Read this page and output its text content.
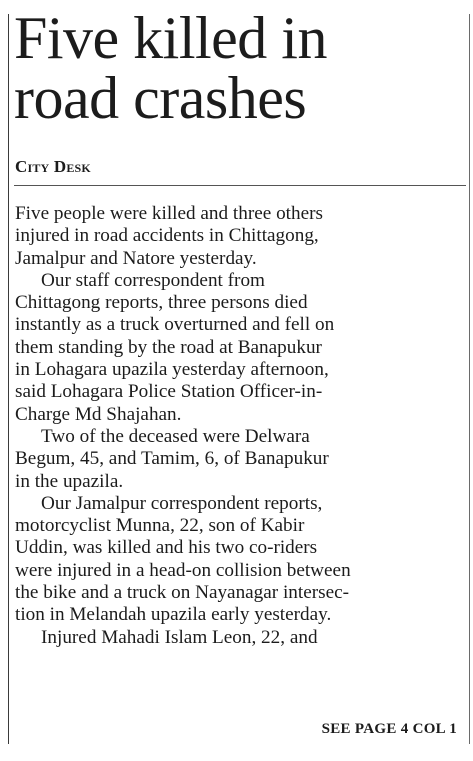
Five killed in
road crashes
City Desk
Five people were killed and three others
injured in road accidents in Chittagong,
Jamalpur and Natore yesterday.
Our staff correspondent from
Chittagong reports, three persons died
instantly as a truck overturned and fell on
them standing by the road at Banapukur
in Lohagara upazila yesterday afternoon,
said Lohagara Police Station Officer-in-
Charge Md Shajahan.
Two of the deceased were Delwara
Begum, 45, and Tamim, 6, of Banapukur
in the upazila.
Our Jamalpur correspondent reports,
motorcyclist Munna, 22, son of Kabir
Uddin, was killed and his two co-riders
were injured in a head-on collision between
the bike and a truck on Nayanagar intersec-
tion in Melandah upazila early yesterday.
Injured Mahadi Islam Leon, 22, and
SEE PAGE 4 COL 1
